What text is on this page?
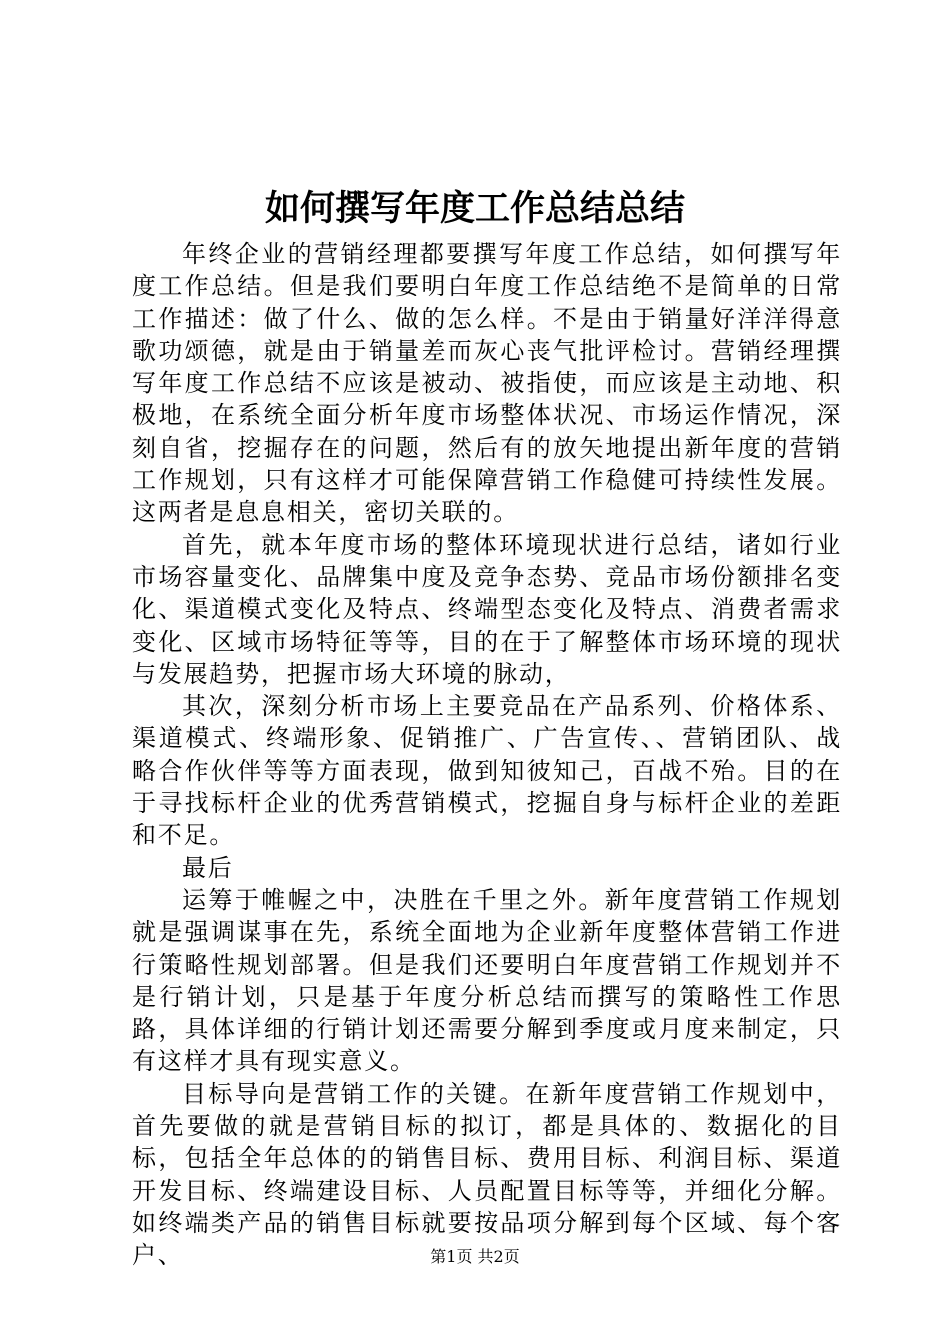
如何撰写年度工作总结总结

年终企业的营销经理都要撰写年度工作总结，如何撰写年度工作总结。但是我们要明白年度工作总结绝不是简单的日常工作描述：做了什么、做的怎么样。不是由于销量好洋洋得意歌功颂德，就是由于销量差而灰心丧气批评检讨。营销经理撰写年度工作总结不应该是被动、被指使，而应该是主动地、积极地，在系统全面分析年度市场整体状况、市场运作情况，深刻自省，挖掘存在的问题，然后有的放矢地提出新年度的营销工作规划，只有这样才可能保障营销工作稳健可持续性发展。这两者是息息相关，密切关联的。

首先，就本年度市场的整体环境现状进行总结，诸如行业市场容量变化、品牌集中度及竞争态势、竞品市场份额排名变化、渠道模式变化及特点、终端型态变化及特点、消费者需求变化、区域市场特征等等，目的在于了解整体市场环境的现状与发展趋势，把握市场大环境的脉动，

其次，深刻分析市场上主要竞品在产品系列、价格体系、渠道模式、终端形象、促销推广、广告宣传、、营销团队、战略合作伙伴等等方面表现，做到知彼知己，百战不殆。目的在于寻找标杆企业的优秀营销模式，挖掘自身与标杆企业的差距和不足。

最后

运筹于帷幄之中，决胜在千里之外。新年度营销工作规划就是强调谋事在先，系统全面地为企业新年度整体营销工作进行策略性规划部署。但是我们还要明白年度营销工作规划并不是行销计划，只是基于年度分析总结而撰写的策略性工作思路，具体详细的行销计划还需要分解到季度或月度来制定，只有这样才具有现实意义。

目标导向是营销工作的关键。在新年度营销工作规划中，首先要做的就是营销目标的拟订，都是具体的、数据化的目标，包括全年总体的的销售目标、费用目标、利润目标、渠道开发目标、终端建设目标、人员配置目标等等，并细化分解。如终端类产品的销售目标就要按品项分解到每个区域、每个客户、	第1页 共2页
